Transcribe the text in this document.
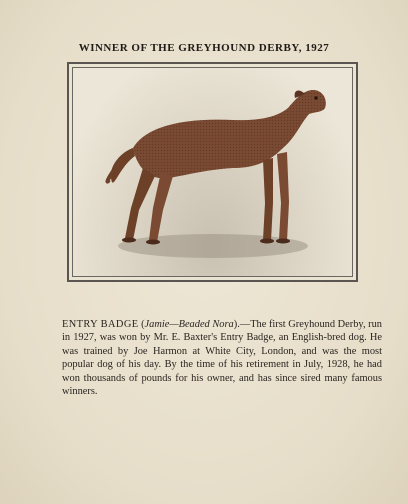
WINNER OF THE GREYHOUND DERBY, 1927
ENTRY BADGE (Jamie—Beaded Nora).—The first Greyhound Derby, run in 1927, was won by Mr. E. Baxter's Entry Badge, an English-bred dog. He was trained by Joe Harmon at White City, London, and was the most popular dog of his day. By the time of his retirement in July, 1928, he had won thousands of pounds for his owner, and has since sired many famous winners.
